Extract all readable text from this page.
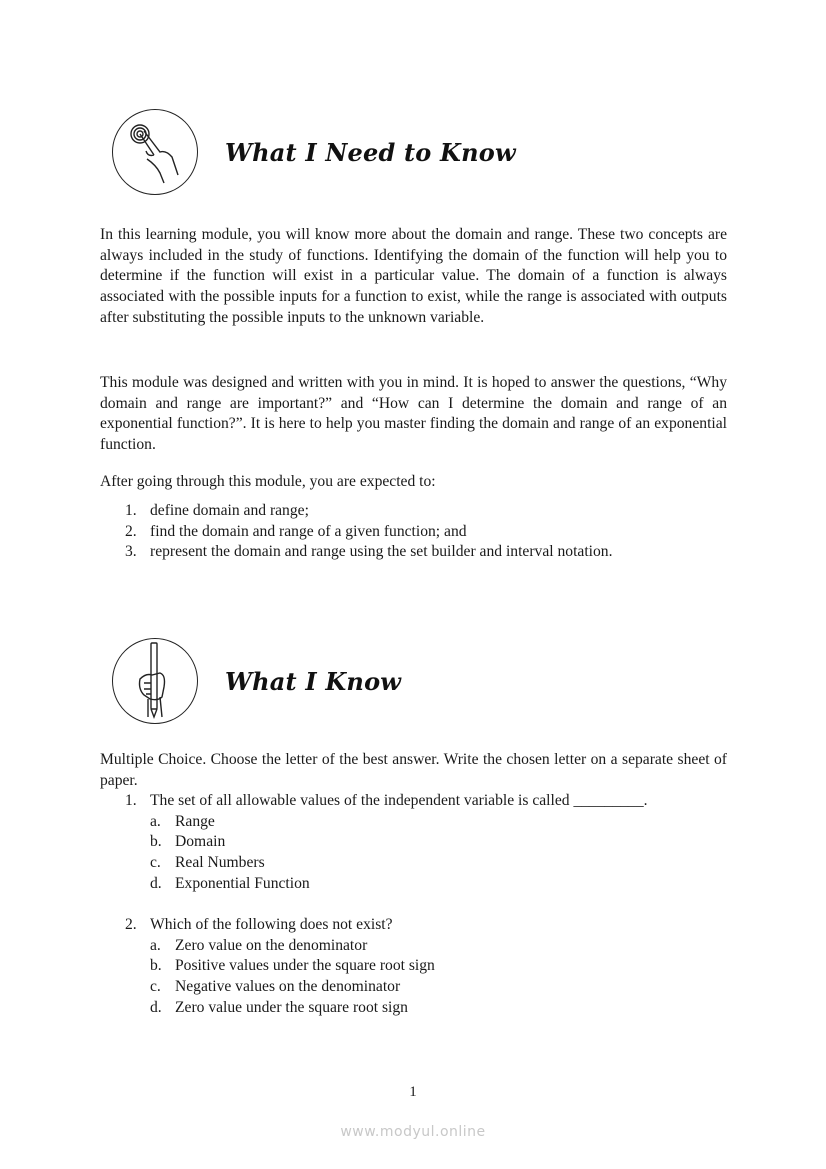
What I Need to Know
In this learning module, you will know more about the domain and range. These two concepts are always included in the study of functions. Identifying the domain of the function will help you to determine if the function will exist in a particular value. The domain of a function is always associated with the possible inputs for a function to exist, while the range is associated with outputs after substituting the possible inputs to the unknown variable.
This module was designed and written with you in mind. It is hoped to answer the questions, “Why domain and range are important?” and “How can I determine the domain and range of an exponential function?”. It is here to help you master finding the domain and range of an exponential function.
After going through this module, you are expected to:
1. define domain and range;
2. find the domain and range of a given function; and
3. represent the domain and range using the set builder and interval notation.
What I Know
Multiple Choice. Choose the letter of the best answer. Write the chosen letter on a separate sheet of paper.
1. The set of all allowable values of the independent variable is called _________.
a. Range
b. Domain
c. Real Numbers
d. Exponential Function
2. Which of the following does not exist?
a. Zero value on the denominator
b. Positive values under the square root sign
c. Negative values on the denominator
d. Zero value under the square root sign
1
www.modyul.online
